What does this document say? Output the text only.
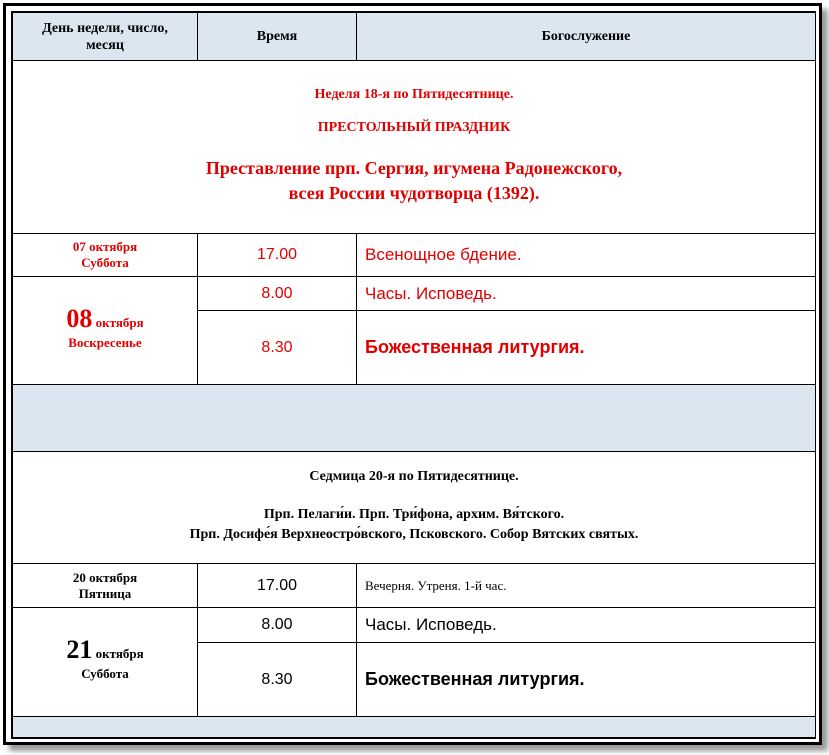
День недели, число, месяц	Время	Богослужение

Неделя 18-я по Пятидесятнице.
ПРЕСТОЛЬНЫЙ ПРАЗДНИК
Преставление прп. Сергия, игумена Радонежского,
всея России чудотворца (1392).		

07 октября
Суббота	17.00	Всенощное бдение.
08 октября
Воскресенье	8.00	Часы. Исповедь.
	8.30	Божественная литургия.

Седмица 20-я по Пятидесятнице.
Прп. Пелаги́и. Прп. Три́фона, архим. Вя́тского.
Прп. Досифе́я Верхнеостро́вского, Псковского. Собор Вятских святых.		

20 октября
Пятница	17.00	Вечерня. Утреня. 1-й час.
21 октября
Суббота	8.00	Часы. Исповедь.
	8.30	Божественная литургия.
